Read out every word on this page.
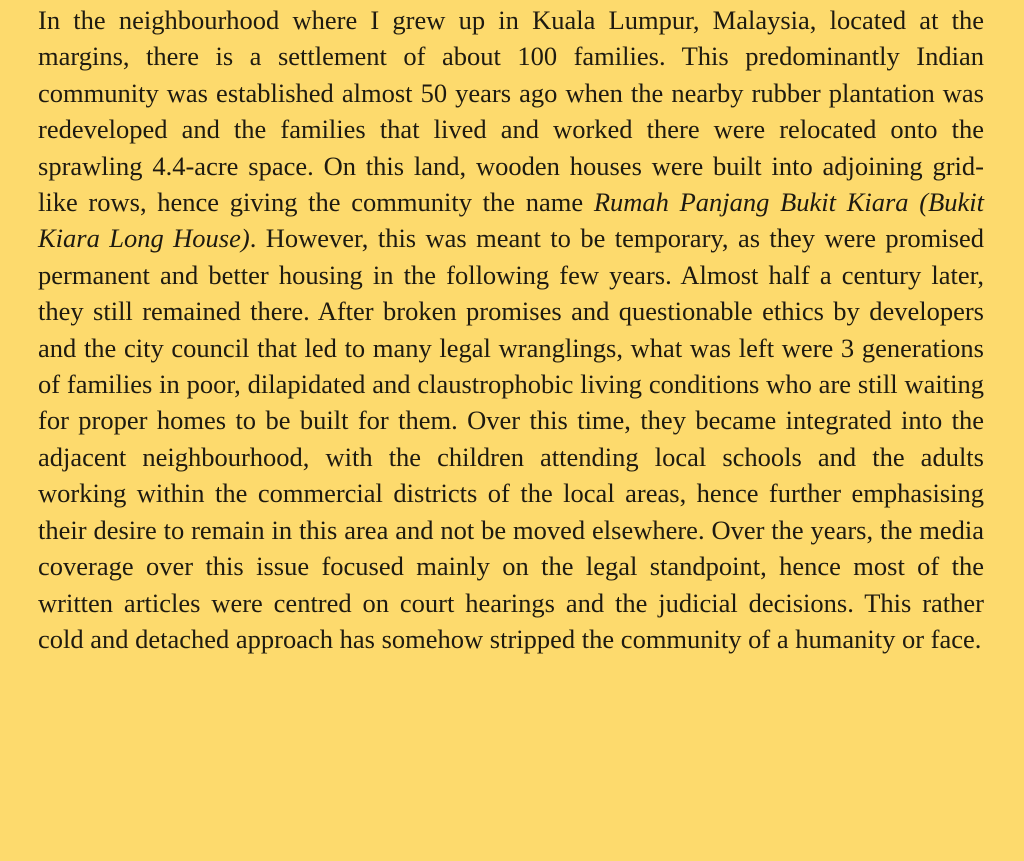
In the neighbourhood where I grew up in Kuala Lumpur, Malaysia, located at the margins, there is a settlement of about 100 families. This predominantly Indian community was established almost 50 years ago when the nearby rubber plantation was redeveloped and the families that lived and worked there were relocated onto the sprawling 4.4-acre space. On this land, wooden houses were built into adjoining grid-like rows, hence giving the community the name Rumah Panjang Bukit Kiara (Bukit Kiara Long House). However, this was meant to be temporary, as they were promised permanent and better housing in the following few years. Almost half a century later, they still remained there. After broken promises and questionable ethics by developers and the city council that led to many legal wranglings, what was left were 3 generations of families in poor, dilapidated and claustrophobic living conditions who are still waiting for proper homes to be built for them. Over this time, they became integrated into the adjacent neighbourhood, with the children attending local schools and the adults working within the commercial districts of the local areas, hence further emphasising their desire to remain in this area and not be moved elsewhere. Over the years, the media coverage over this issue focused mainly on the legal standpoint, hence most of the written articles were centred on court hearings and the judicial decisions. This rather cold and detached approach has somehow stripped the community of a humanity or face.
